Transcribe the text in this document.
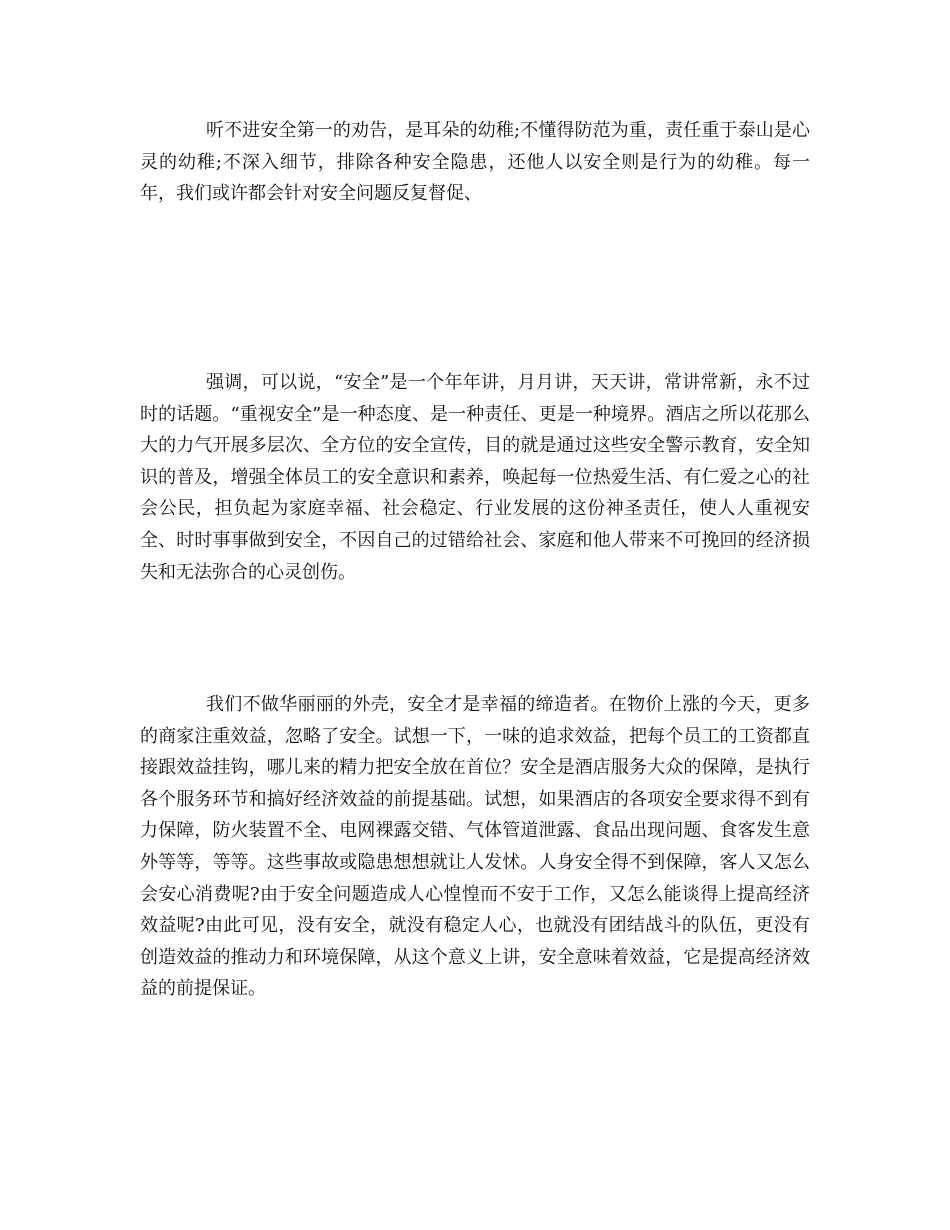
听不进安全第一的劝告，是耳朵的幼稚;不懂得防范为重，责任重于泰山是心灵的幼稚;不深入细节，排除各种安全隐患，还他人以安全则是行为的幼稚。每一年，我们或许都会针对安全问题反复督促、

强调，可以说，“安全”是一个年年讲，月月讲，天天讲，常讲常新，永不过时的话题。“重视安全”是一种态度、是一种责任、更是一种境界。酒店之所以花那么大的力气开展多层次、全方位的安全宣传，目的就是通过这些安全警示教育，安全知识的普及，增强全体员工的安全意识和素养，唤起每一位热爱生活、有仁爱之心的社会公民，担负起为家庭幸福、社会稳定、行业发展的这份神圣责任，使人人重视安全、时时事事做到安全，不因自己的过错给社会、家庭和他人带来不可挽回的经济损失和无法弥合的心灵创伤。

我们不做华丽丽的外壳，安全才是幸福的缔造者。在物价上涨的今天，更多的商家注重效益，忽略了安全。试想一下，一味的追求效益，把每个员工的工资都直接跟效益挂钩，哪儿来的精力把安全放在首位？安全是酒店服务大众的保障，是执行各个服务环节和搞好经济效益的前提基础。试想，如果酒店的各项安全要求得不到有力保障，防火装置不全、电网裸露交错、气体管道泄露、食品出现问题、食客发生意外等等，等等。这些事故或隐患想想就让人发怵。人身安全得不到保障，客人又怎么会安心消费呢?由于安全问题造成人心惶惶而不安于工作，又怎么能谈得上提高经济效益呢?由此可见，没有安全，就没有稳定人心，也就没有团结战斗的队伍，更没有创造效益的推动力和环境保障，从这个意义上讲，安全意味着效益，它是提高经济效益的前提保证。
